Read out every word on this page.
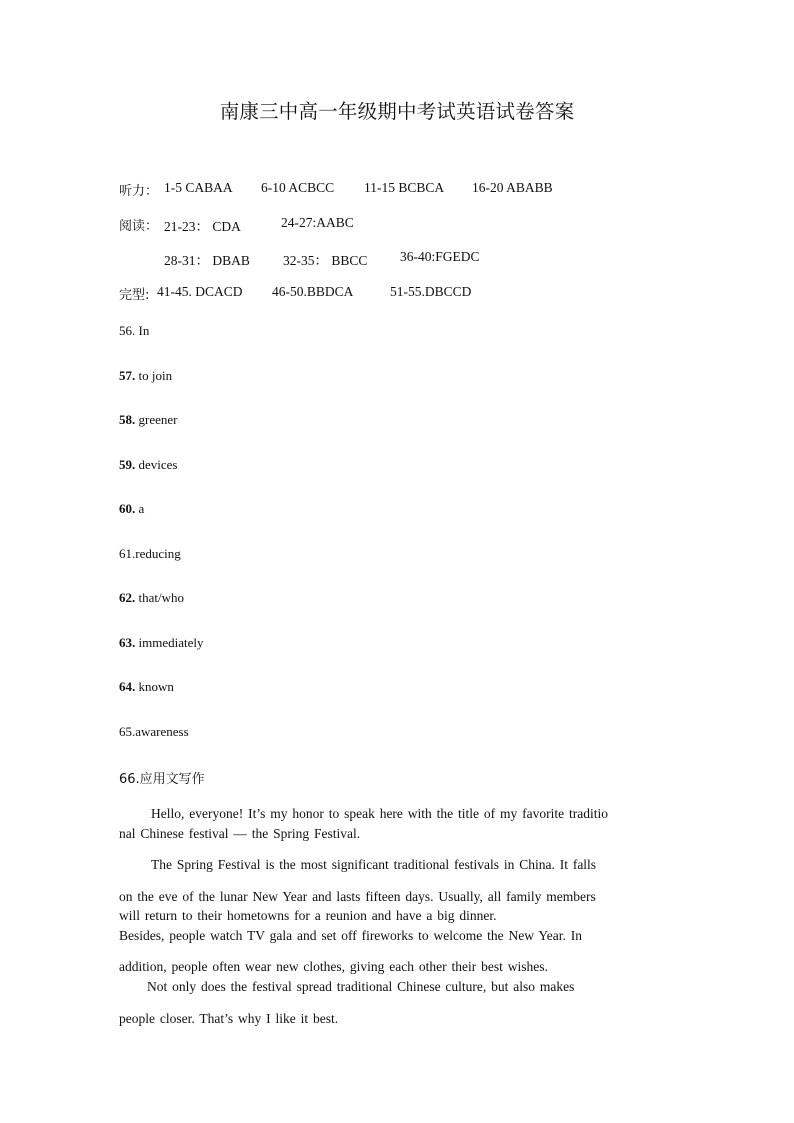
南康三中高一年级期中考试英语试卷答案
听力： 1-5 CABAA 6-10 ACBCC 11-15 BCBCA 16-20 ABABB
阅读： 21-23： CDA	24-27:AABC
28-31： DBAB 32-35： BBCC 36-40:FGEDC
完型: 41-45. DCACD 46-50.BBDCA	51-55.DBCCD
56. In
57. to join
58. greener
59. devices
60. a
61.reducing
62. that/who
63. immediately
64. known
65.awareness
66.应用文写作
Hello, everyone! It’s my honor to speak here with the title of my favorite traditio
nal Chinese festival — the Spring Festival.
The Spring Festival is the most significant traditional festivals in China. It falls
on the eve of the lunar New Year and lasts fifteen days. Usually, all family members
will return to their hometowns for a reunion and have a big dinner.
Besides, people watch TV gala and set off fireworks to welcome the New Year. In
addition, people often wear new clothes, giving each other their best wishes.
Not only does the festival spread traditional Chinese culture, but also makes
people closer. That’s why I like it best.
